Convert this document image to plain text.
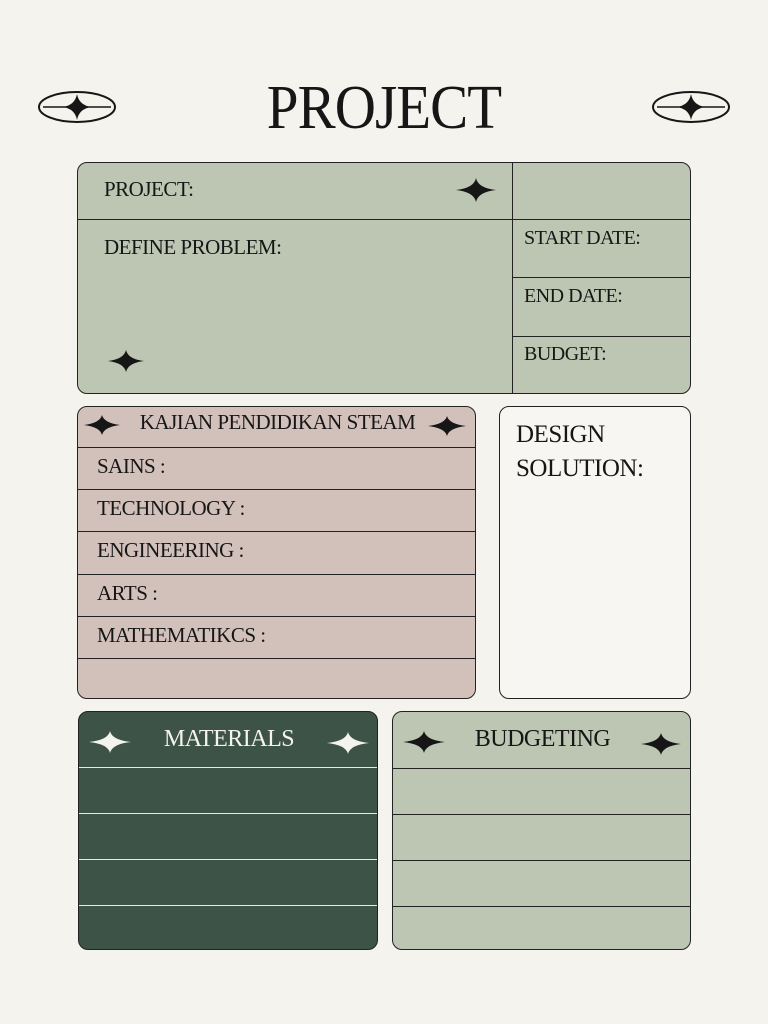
PROJECT
PROJECT:
DEFINE PROBLEM:	START DATE:
END DATE:
BUDGET:
KAJIAN PENDIDIKAN STEAM
SAINS :
TECHNOLOGY :
ENGINEERING :
ARTS :
MATHEMATIKCS :
DESIGN
SOLUTION:
MATERIALS	BUDGETING
